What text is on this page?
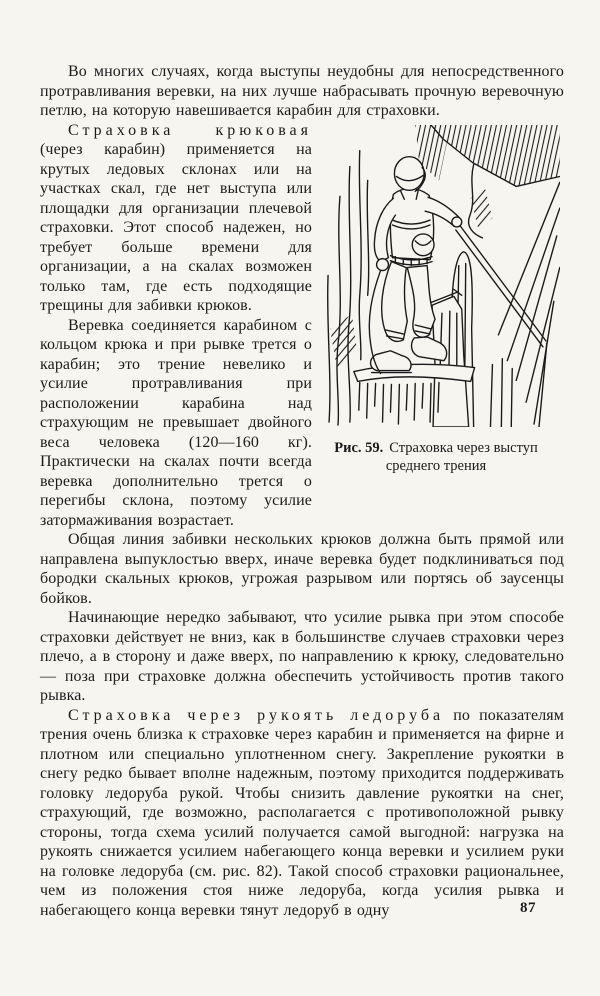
Во многих случаях, когда выступы неудобны для непосредственного протравливания веревки, на них лучше набрасывать прочную веревочную петлю, на которую навешивается карабин для страховки.

Страховка крюковая (через карабин) применяется на крутых ледовых склонах или на участках скал, где нет выступа или площадки для организации плечевой страховки. Этот способ надежен, но требует больше времени для организации, а на скалах возможен только там, где есть подходящие трещины для забивки крюков.

Веревка соединяется карабином с кольцом крюка и при рывке трется о карабин; это трение невелико и усилие протравливания при расположении карабина над страхующим не превышает двойного веса человека (120—160 кг). Практически на скалах почти всегда веревка дополнительно трется о перегибы склона, поэтому усилие затормаживания возрастает.

Рис. 59. Страховка через выступ среднего трения

Общая линия забивки нескольких крюков должна быть прямой или направлена выпуклостью вверх, иначе веревка будет подклиниваться под бородки скальных крюков, угрожая разрывом или портясь об заусенцы бойков.

Начинающие нередко забывают, что усилие рывка при этом способе страховки действует не вниз, как в большинстве случаев страховки через плечо, а в сторону и даже вверх, по направлению к крюку, следовательно — поза при страховке должна обеспечить устойчивость против такого рывка.

Страховка через рукоять ледоруба по показателям трения очень близка к страховке через карабин и применяется на фирне и плотном или специально уплотненном снегу. Закрепление рукоятки в снегу редко бывает вполне надежным, поэтому приходится поддерживать головку ледоруба рукой. Чтобы снизить давление рукоятки на снег, страхующий, где возможно, располагается с противоположной рывку стороны, тогда схема усилий получается самой выгодной: нагрузка на рукоять снижается усилием набегающего конца веревки и усилием руки на головке ледоруба (см. рис. 82). Такой способ страховки рациональнее, чем из положения стоя ниже ледоруба, когда усилия рывка и набегающего конца веревки тянут ледоруб в одну	87
